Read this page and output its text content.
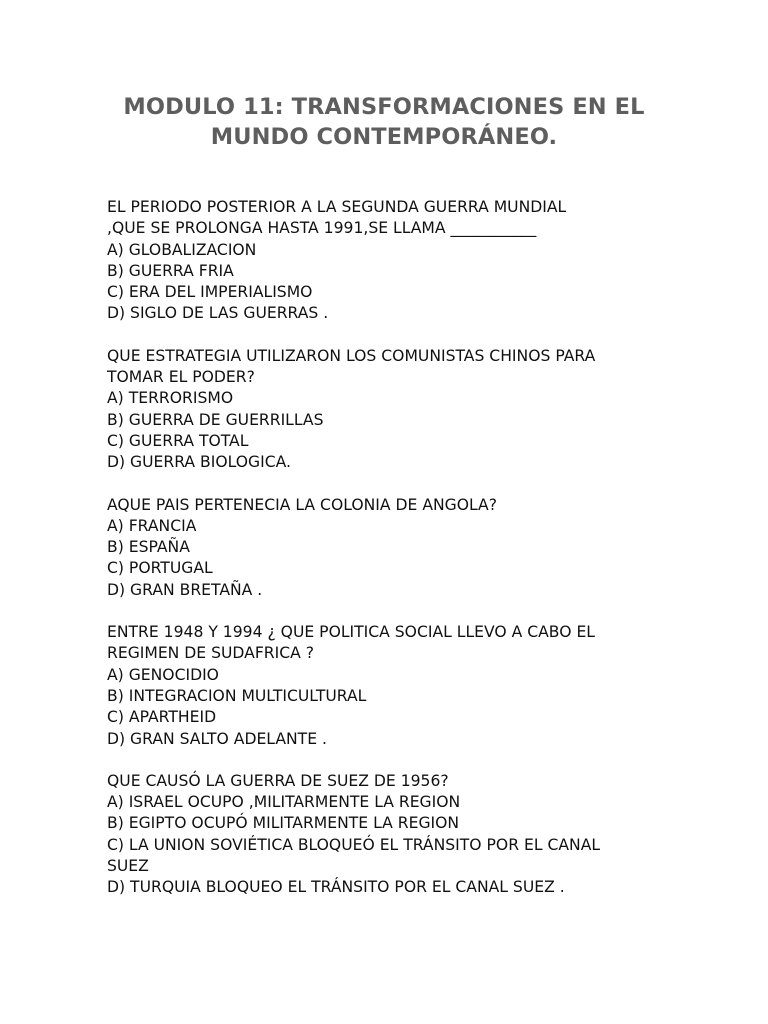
MODULO 11: TRANSFORMACIONES EN EL
MUNDO CONTEMPORÁNEO.
EL PERIODO POSTERIOR A LA SEGUNDA GUERRA MUNDIAL
,QUE SE PROLONGA HASTA 1991,SE LLAMA ___________
A) GLOBALIZACION
B) GUERRA FRIA
C) ERA DEL IMPERIALISMO
D) SIGLO DE LAS GUERRAS .
QUE ESTRATEGIA UTILIZARON LOS COMUNISTAS CHINOS PARA
TOMAR EL PODER?
A) TERRORISMO
B) GUERRA DE GUERRILLAS
C) GUERRA TOTAL
D) GUERRA BIOLOGICA.
AQUE PAIS PERTENECIA LA COLONIA DE ANGOLA?
A) FRANCIA
B) ESPAÑA
C) PORTUGAL
D) GRAN BRETAÑA .
ENTRE 1948 Y 1994 ¿ QUE POLITICA SOCIAL LLEVO A CABO EL
REGIMEN DE SUDAFRICA ?
A) GENOCIDIO
B) INTEGRACION MULTICULTURAL
C) APARTHEID
D) GRAN SALTO ADELANTE .
QUE CAUSÓ LA GUERRA DE SUEZ DE 1956?
A) ISRAEL OCUPO ,MILITARMENTE LA REGION
B) EGIPTO OCUPÓ MILITARMENTE LA REGION
C) LA UNION SOVIÉTICA BLOQUEÓ EL TRÁNSITO POR EL CANAL
SUEZ
D) TURQUIA BLOQUEO EL TRÁNSITO POR EL CANAL SUEZ .
